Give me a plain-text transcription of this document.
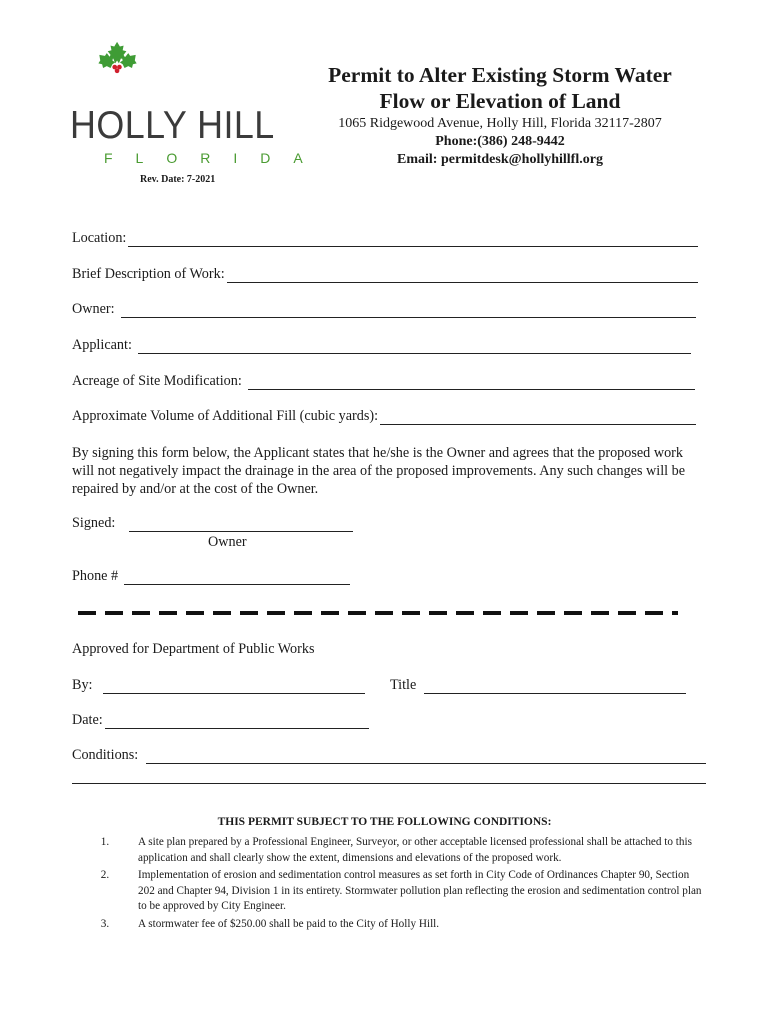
HOLLY HILL
FLORIDA
Rev. Date: 7-2021
Permit to Alter Existing Storm Water
Flow or Elevation of Land
1065 Ridgewood Avenue, Holly Hill, Florida 32117-2807
Phone:(386) 248-9442
Email: permitdesk@hollyhillfl.org
Location:
Brief Description of Work:
Owner:
Applicant:
Acreage of Site Modification:
Approximate Volume of Additional Fill (cubic yards):
By signing this form below, the Applicant states that he/she is the Owner and agrees that the proposed work will not negatively impact the drainage in the area of the proposed improvements. Any such changes will be repaired by and/or at the cost of the Owner.
Signed:
Owner
Phone #
Approved for Department of Public Works
By:	Title
Date:
Conditions:
THIS PERMIT SUBJECT TO THE FOLLOWING CONDITIONS:
1.	A site plan prepared by a Professional Engineer, Surveyor, or other acceptable licensed professional shall be attached to this application and shall clearly show the extent, dimensions and elevations of the proposed work.
2.	Implementation of erosion and sedimentation control measures as set forth in City Code of Ordinances Chapter 90, Section 202 and Chapter 94, Division 1 in its entirety. Stormwater pollution plan reflecting the erosion and sedimentation control plan to be approved by City Engineer.
3.	A stormwater fee of $250.00 shall be paid to the City of Holly Hill.
